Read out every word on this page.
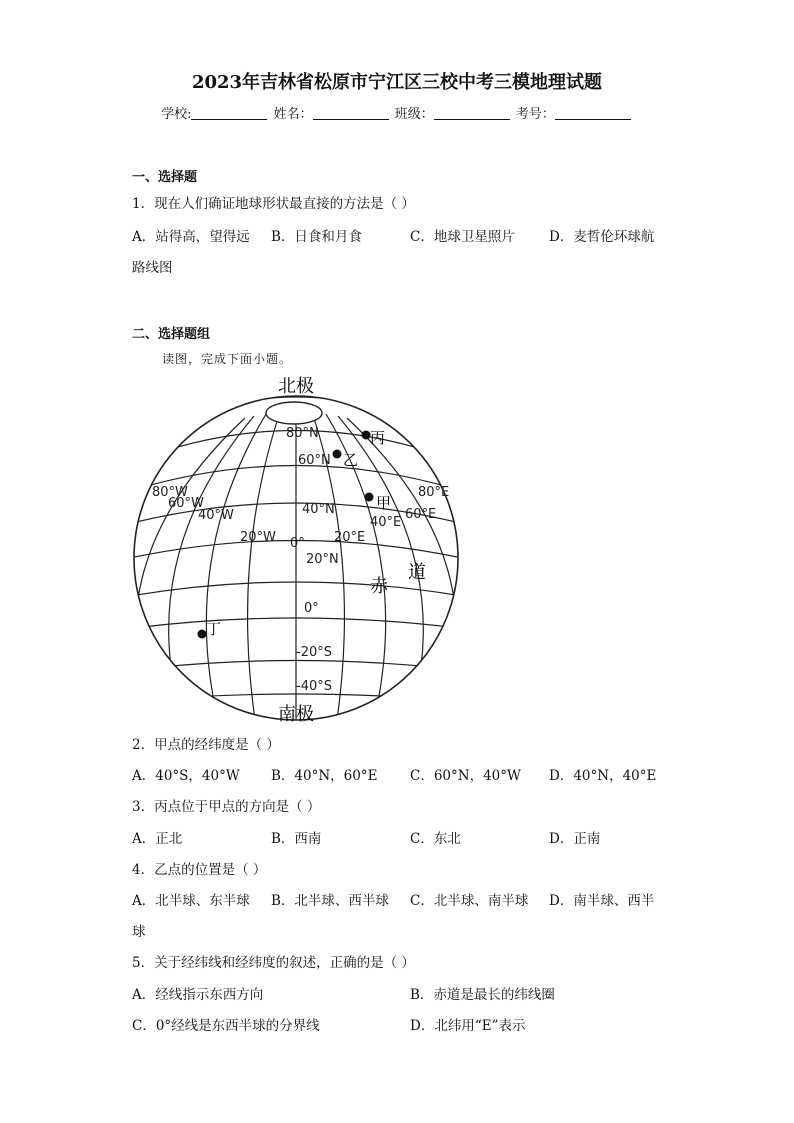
2023年吉林省松原市宁江区三校中考三模地理试题
学校:	姓名：	班级：	考号：
一、选择题
1．现在人们确证地球形状最直接的方法是（ ）
A．站得高，望得远 B．日食和月食	C．地球卫星照片	D．麦哲伦环球航
路线图
二、选择题组
读图，完成下面小题。
北极
南极
80°N
60°N
40°N
20°N
0°
-20°S
-40°S
80°W
60°W
40°W
20°W 0° 20°E
40°E
60°E
80°E
赤
道
丙
乙
甲
丁
2．甲点的经纬度是（ ）
A．40°S，40°W B．40°N，60°E C．60°N，40°W D．40°N，40°E
3．丙点位于甲点的方向是（ ）
A．正北	B．西南	C．东北	D．正南
4．乙点的位置是（ ）
A．北半球、东半球 B．北半球、西半球 C．北半球、南半球 D．南半球、西半
球
5．关于经纬线和经纬度的叙述，正确的是（ ）
A．经线指示东西方向	B．赤道是最长的纬线圈
C．0°经线是东西半球的分界线	D．北纬用“E”表示
